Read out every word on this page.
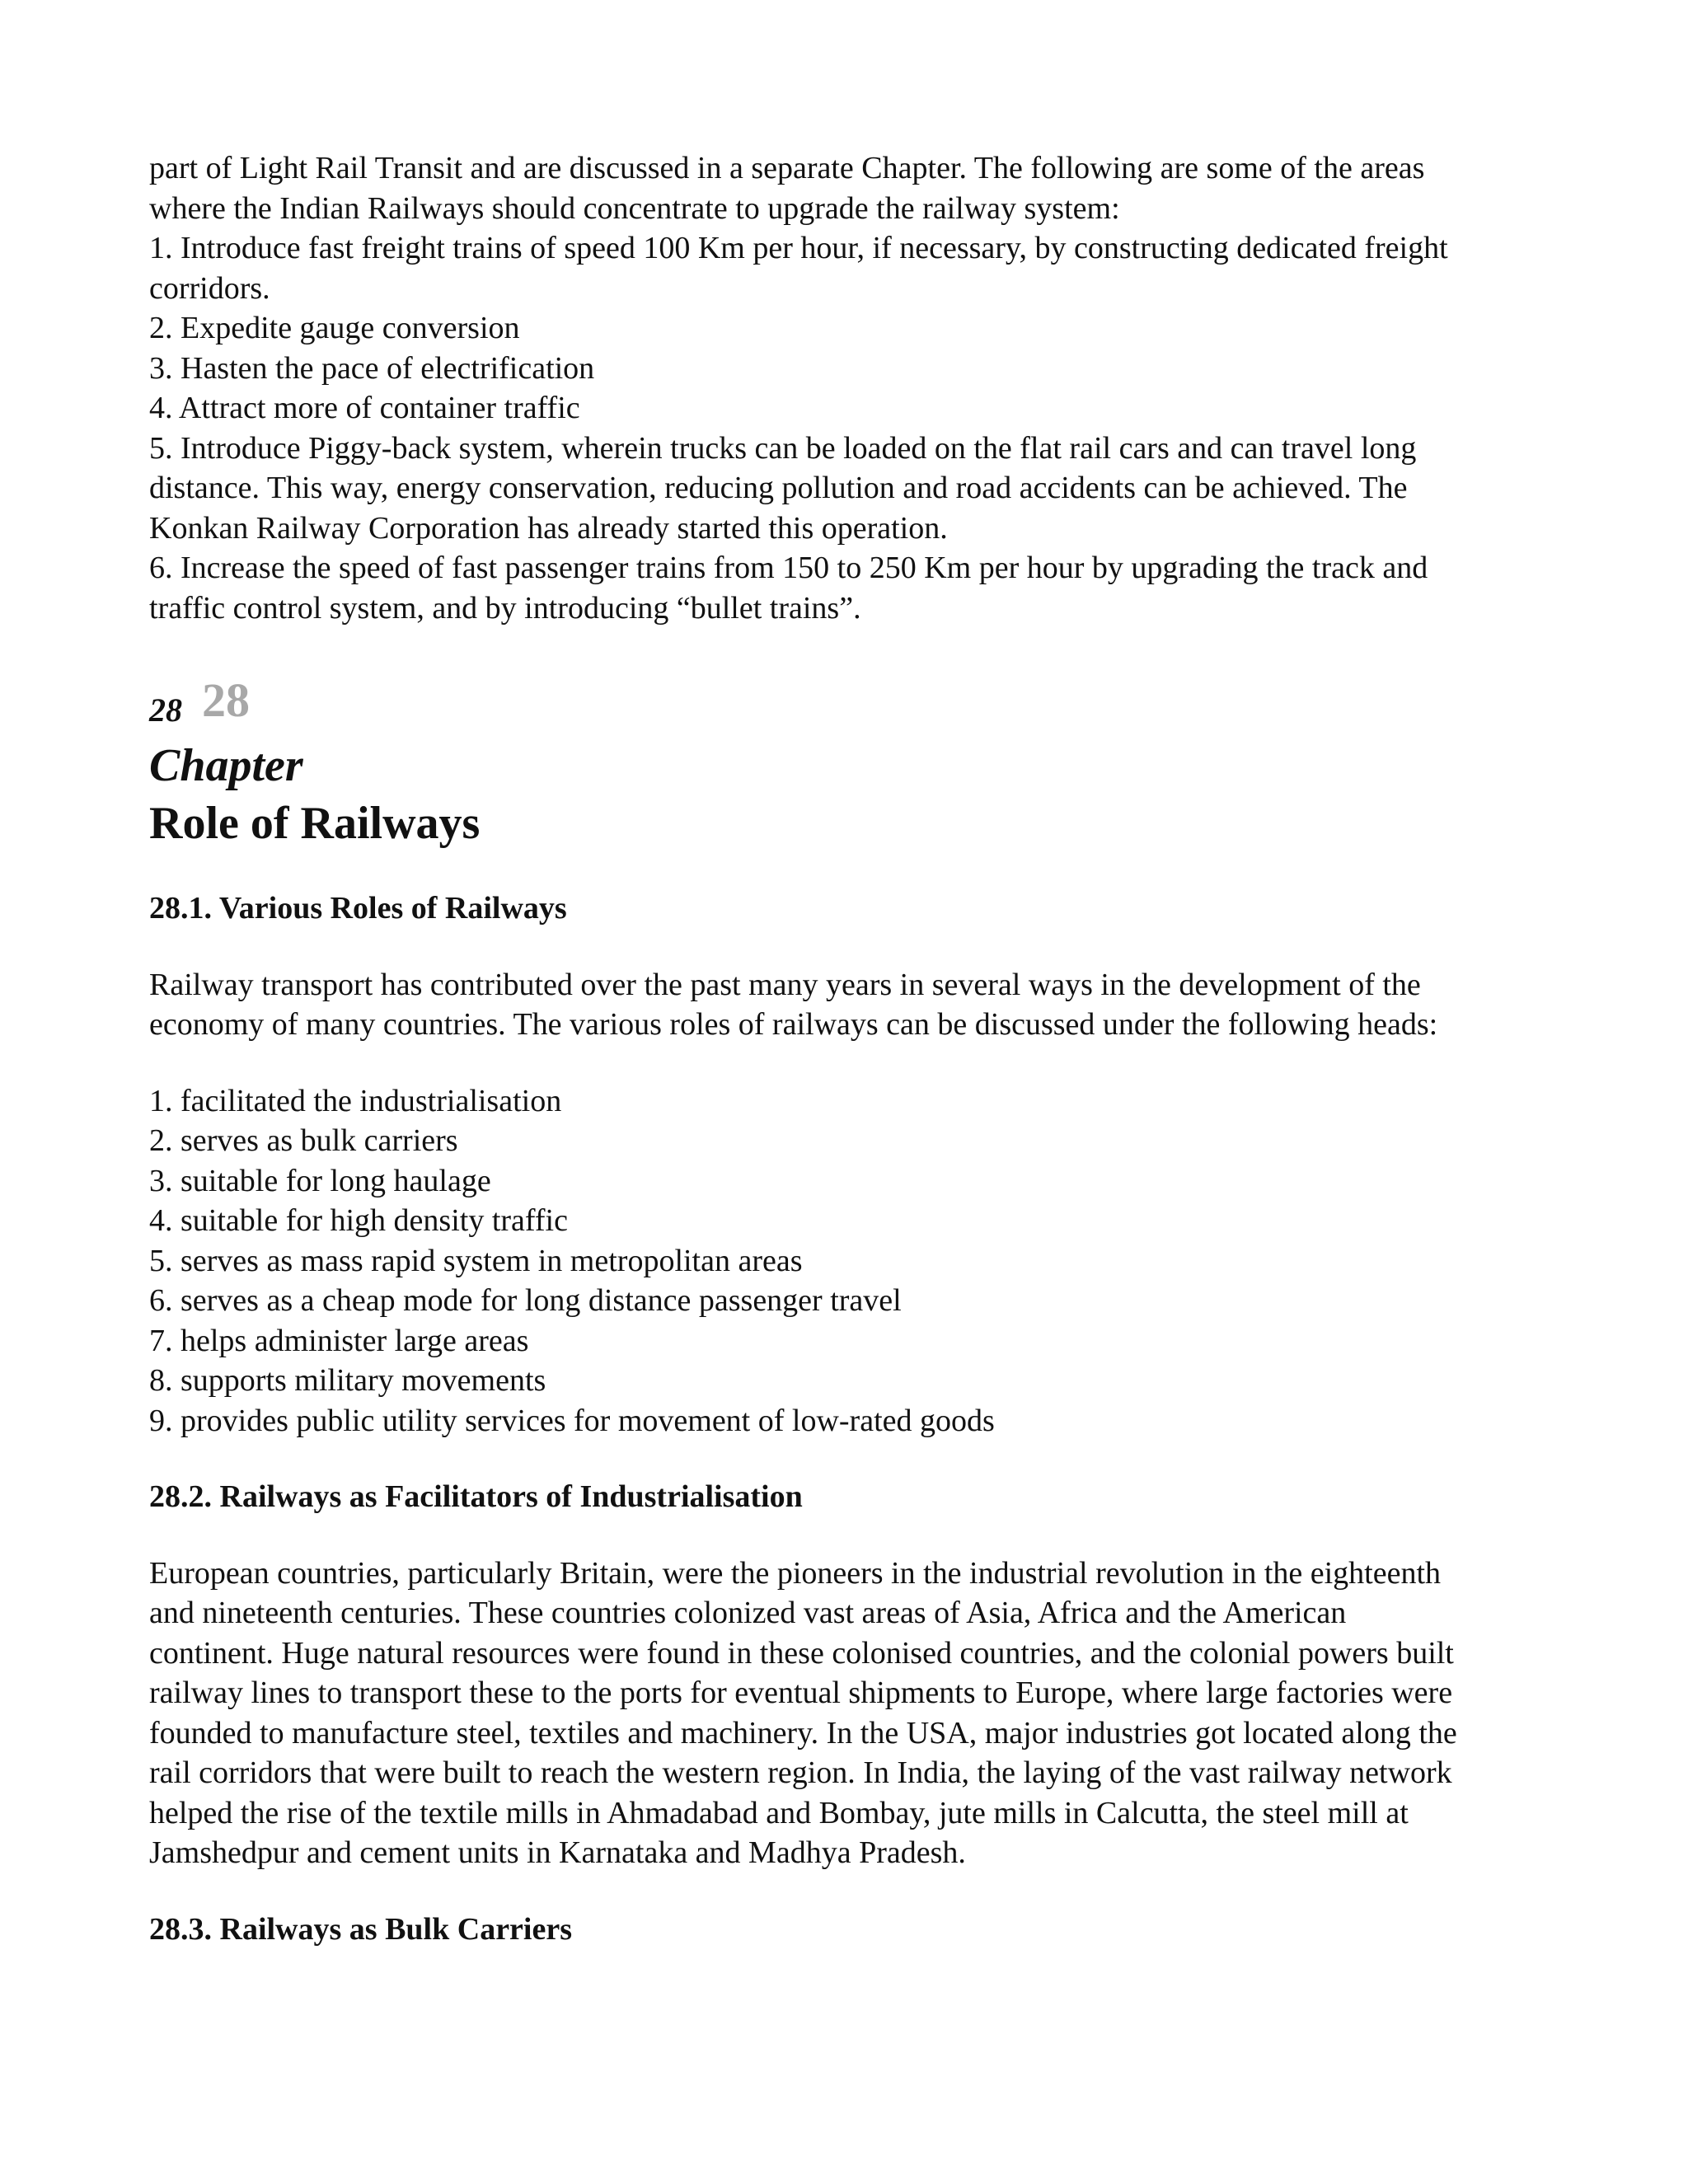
part of Light Rail Transit and are discussed in a separate Chapter. The following are some of the areas

where the Indian Railways should concentrate to upgrade the railway system:

1. Introduce fast freight trains of speed 100 Km per hour, if necessary, by constructing dedicated freight

corridors.

2. Expedite gauge conversion

3. Hasten the pace of electrification

4. Attract more of container traffic

5. Introduce Piggy-back system, wherein trucks can be loaded on the flat rail cars and can travel long

distance. This way, energy conservation, reducing pollution and road accidents can be achieved. The

Konkan Railway Corporation has already started this operation.

6. Increase the speed of fast passenger trains from 150 to 250 Km per hour by upgrading the track and

traffic control system, and by introducing “bullet trains”.

28 28

Chapter

Role of Railways

28.1. Various Roles of Railways

Railway transport has contributed over the past many years in several ways in the development of the

economy of many countries. The various roles of railways can be discussed under the following heads:

1. facilitated the industrialisation

2. serves as bulk carriers

3. suitable for long haulage

4. suitable for high density traffic

5. serves as mass rapid system in metropolitan areas

6. serves as a cheap mode for long distance passenger travel

7. helps administer large areas

8. supports military movements

9. provides public utility services for movement of low-rated goods

28.2. Railways as Facilitators of Industrialisation

European countries, particularly Britain, were the pioneers in the industrial revolution in the eighteenth

and nineteenth centuries. These countries colonized vast areas of Asia, Africa and the American

continent. Huge natural resources were found in these colonised countries, and the colonial powers built

railway lines to transport these to the ports for eventual shipments to Europe, where large factories were

founded to manufacture steel, textiles and machinery. In the USA, major industries got located along the

rail corridors that were built to reach the western region. In India, the laying of the vast railway network

helped the rise of the textile mills in Ahmadabad and Bombay, jute mills in Calcutta, the steel mill at

Jamshedpur and cement units in Karnataka and Madhya Pradesh.

28.3. Railways as Bulk Carriers
